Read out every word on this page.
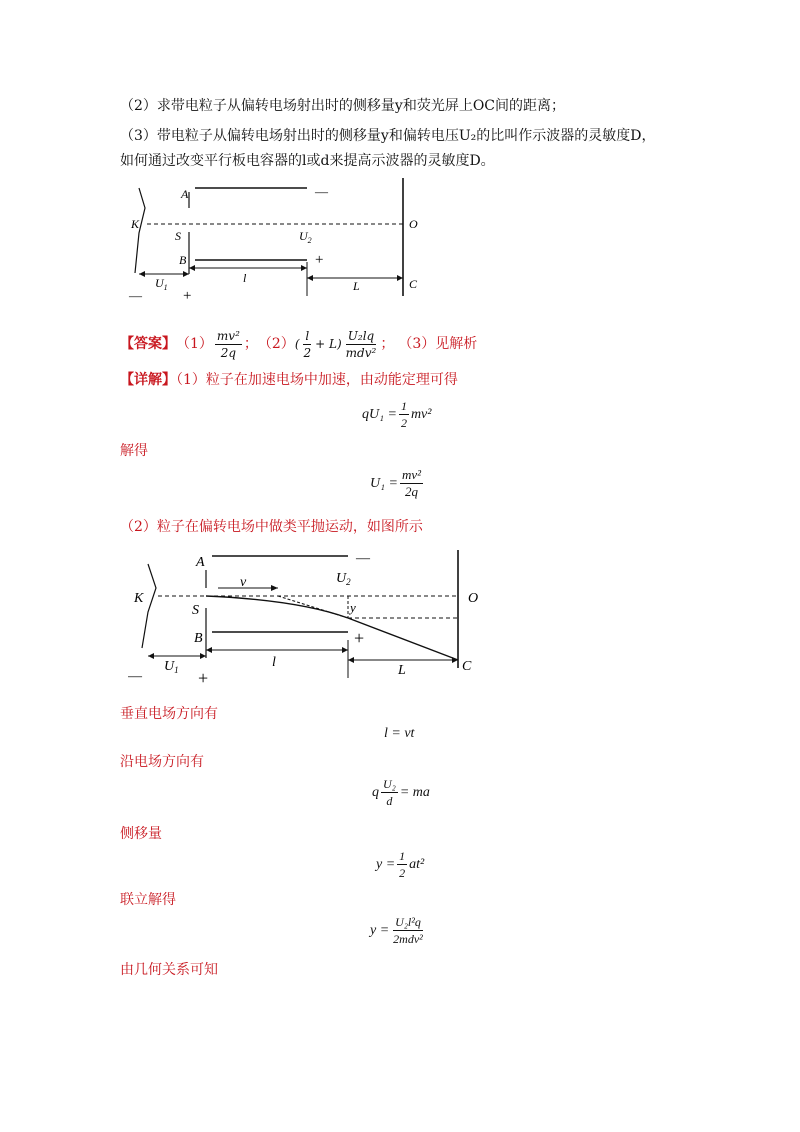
（2）求带电粒子从偏转电场射出时的侧移量y和荧光屏上OC间的距离；
（3）带电粒子从偏转电场射出时的侧移量y和偏转电压U₂的比叫作示波器的灵敏度D，
如何通过改变平行板电容器的l或d来提高示波器的灵敏度D。
A
K
S
B
O
C
$U_2$
$U_1$
l
L
—
+
—	+
【答案】 $(1) \frac{\text{mv²}}{2q}$ ； （2） ( $\frac{l}{2} + L) \frac{\text{U₂lq}}{\text{mdv²}}$ ； （3）见解析
【详解】（1）粒子在加速电场中加速，由动能定理可得
$qU_1 = \frac{1}{2} mv^2$
解得
$U_1 = \frac{\text{mv²}}{2q}$
（2）粒子在偏转电场中做类平抛运动，如图所示
A
K
S
B
O
C
v
y
$U_2$
$U_1$	l
L
—
+
—	+
垂直电场方向有
l = vt
沿电场方向有
q $\frac{\text{U₂}}{d}$ = ma
侧移量
$y = \frac{1}{2} at^2$
联立解得
$y = \frac{\text{U₂l²q}}{\text{2mdv²}}$
由几何关系可知
